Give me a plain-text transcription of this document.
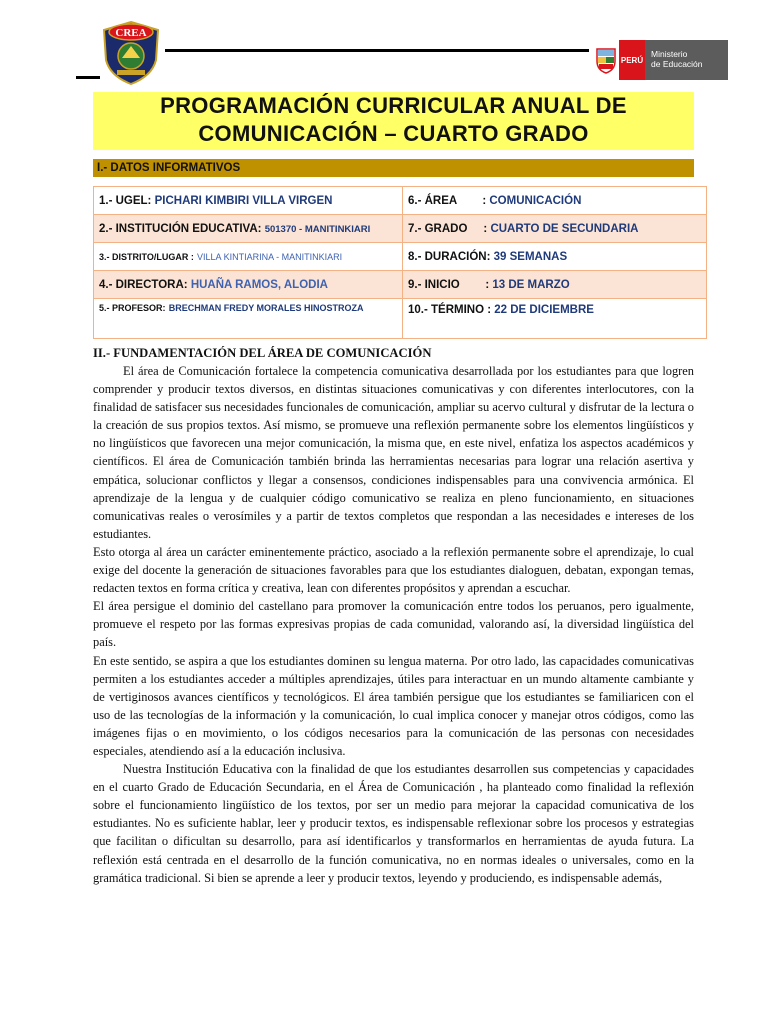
CREA
PERÚ
Ministerio
de Educación
PROGRAMACIÓN CURRICULAR ANUAL DE
COMUNICACIÓN – CUARTO GRADO
I.- DATOS INFORMATIVOS
1.- UGEL: PICHARI KIMBIRI VILLA VIRGEN	6.- ÁREA        : COMUNICACIÓN
2.- INSTITUCIÓN EDUCATIVA: 501370 - MANITINKIARI	7.- GRADO     : CUARTO DE SECUNDARIA
3.- DISTRITO/LUGAR : VILLA KINTIARINA - MANITINKIARI	8.- DURACIÓN: 39 SEMANAS
4.- DIRECTORA: HUAÑA RAMOS, ALODIA	9.- INICIO        : 13 DE MARZO
5.- PROFESOR: BRECHMAN FREDY MORALES HINOSTROZA	10.- TÉRMINO : 22 DE DICIEMBRE
II.- FUNDAMENTACIÓN DEL ÁREA DE COMUNICACIÓN

El área de Comunicación fortalece la competencia comunicativa desarrollada por los estudiantes para que logren comprender y producir textos diversos, en distintas situaciones comunicativas y con diferentes interlocutores, con la finalidad de satisfacer sus necesidades funcionales de comunicación, ampliar su acervo cultural y disfrutar de la lectura o la creación de sus propios textos. Así mismo, se promueve una reflexión permanente sobre los elementos lingüísticos y no lingüísticos que favorecen una mejor comunicación, la misma que, en este nivel, enfatiza los aspectos académicos y científicos. El área de Comunicación también brinda las herramientas necesarias para lograr una relación asertiva y empática, solucionar conflictos y llegar a consensos, condiciones indispensables para una convivencia armónica. El aprendizaje de la lengua y de cualquier código comunicativo se realiza en pleno funcionamiento, en situaciones comunicativas reales o verosímiles y a partir de textos completos que respondan a las necesidades e intereses de los estudiantes.

Esto otorga al área un carácter eminentemente práctico, asociado a la reflexión permanente sobre el aprendizaje, lo cual exige del docente la generación de situaciones favorables para que los estudiantes dialoguen, debatan, expongan temas, redacten textos en forma crítica y creativa, lean con diferentes propósitos y aprendan a escuchar.

El área persigue el dominio del castellano para promover la comunicación entre todos los peruanos, pero igualmente, promueve el respeto por las formas expresivas propias de cada comunidad, valorando así, la diversidad lingüística del país.

En este sentido, se aspira a que los estudiantes dominen su lengua materna. Por otro lado, las capacidades comunicativas permiten a los estudiantes acceder a múltiples aprendizajes, útiles para interactuar en un mundo altamente cambiante y de vertiginosos avances científicos y tecnológicos. El área también persigue que los estudiantes se familiaricen con el uso de las tecnologías de la información y la comunicación, lo cual implica conocer y manejar otros códigos, como las imágenes fijas o en movimiento, o los códigos necesarios para la comunicación de las personas con necesidades especiales, atendiendo así a la educación inclusiva.

Nuestra Institución Educativa con la finalidad de que los estudiantes desarrollen sus competencias y capacidades en el cuarto Grado de Educación Secundaria, en el Área de Comunicación , ha planteado como finalidad la reflexión sobre el funcionamiento lingüístico de los textos, por ser un medio para mejorar la capacidad comunicativa de los estudiantes. No es suficiente hablar, leer y producir textos, es indispensable reflexionar sobre los procesos y estrategias que facilitan o dificultan su desarrollo, para así identificarlos y transformarlos en herramientas de ayuda futura. La reflexión está centrada en el desarrollo de la función comunicativa, no en normas ideales o universales, como en la gramática tradicional. Si bien se aprende a leer y producir textos, leyendo y produciendo, es indispensable además,
